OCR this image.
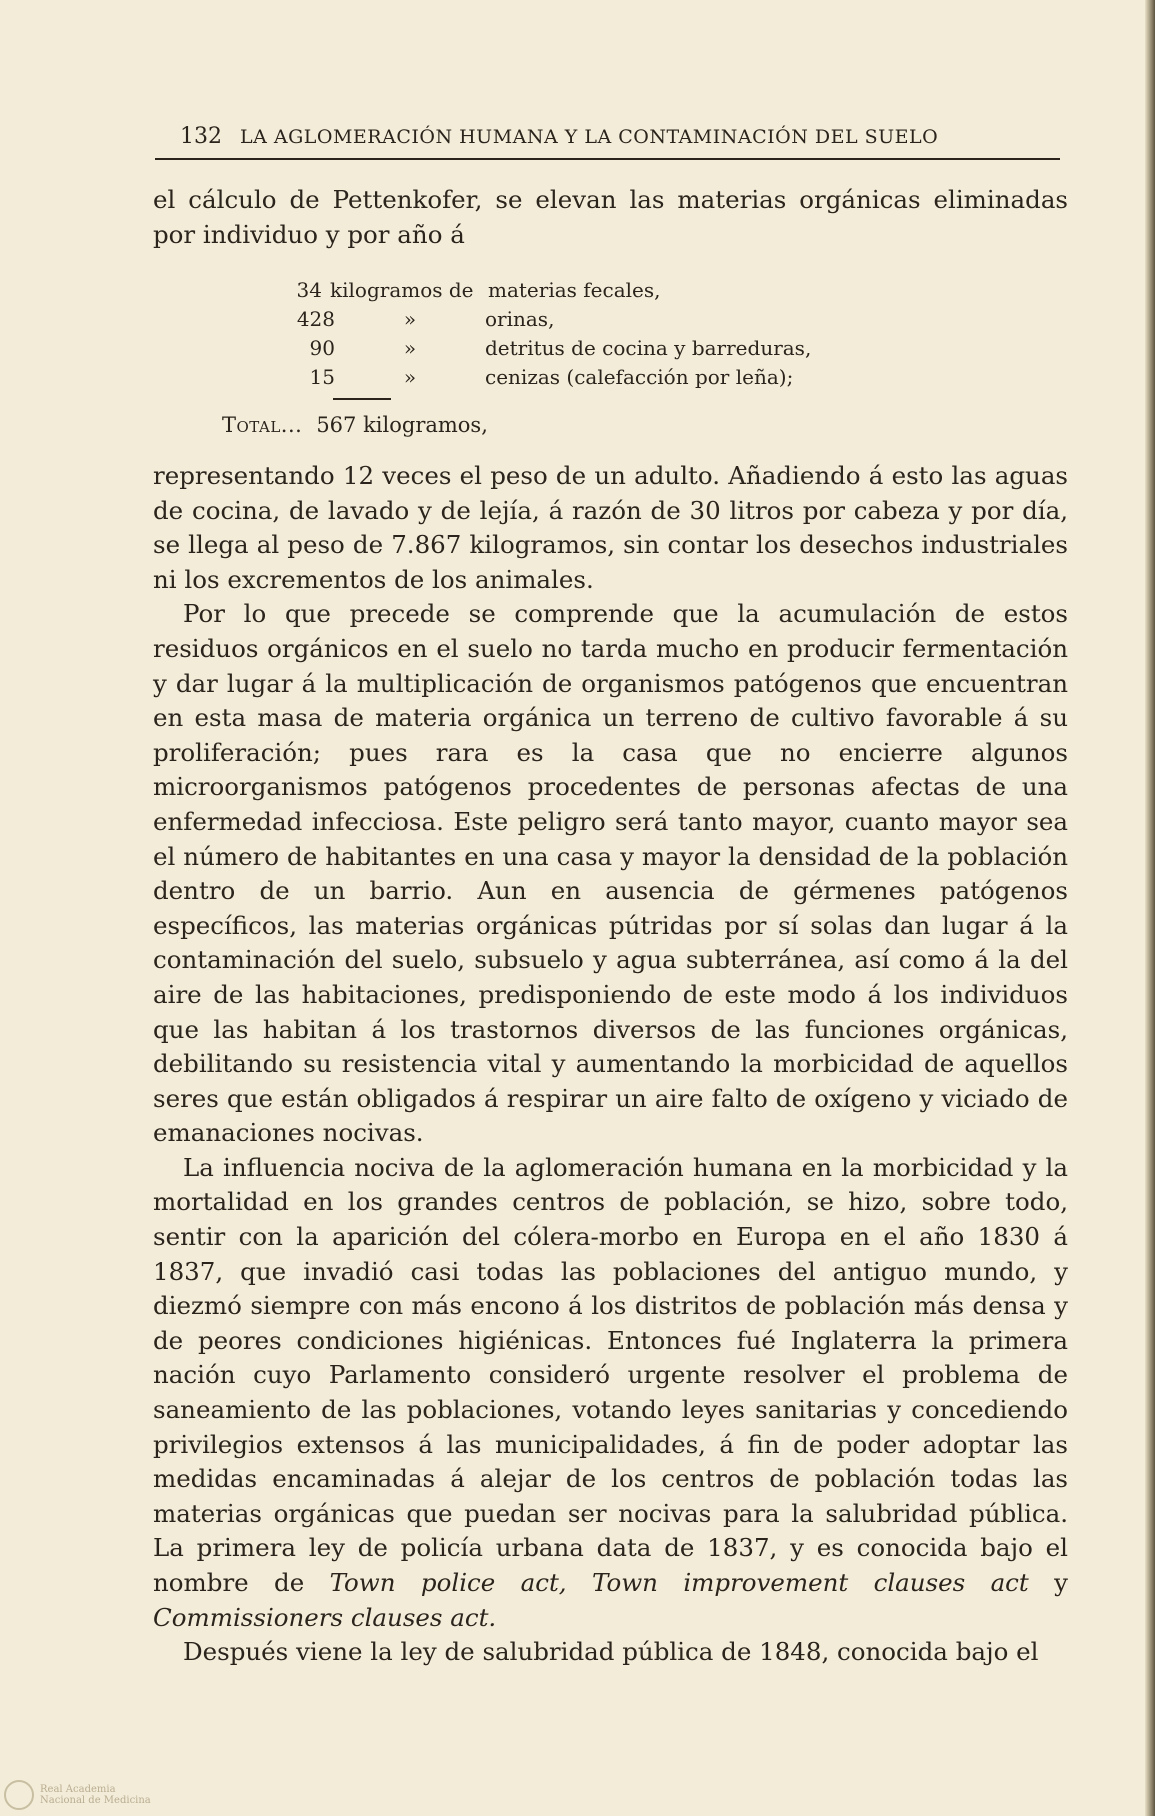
132 LA AGLOMERACIÓN HUMANA Y LA CONTAMINACIÓN DEL SUELO

el cálculo de Pettenkofer, se elevan las materias orgánicas eliminadas por individuo y por año á

34 kilogramos de materias fecales,
428	»	orinas,
90	»	detritus de cocina y barreduras,
15	»	cenizas (calefacción por leña);
Total... 567 kilogramos,

representando 12 veces el peso de un adulto. Añadiendo á esto las aguas de cocina, de lavado y de lejía, á razón de 30 litros por cabeza y por día, se llega al peso de 7.867 kilogramos, sin contar los desechos industriales ni los excrementos de los animales.

Por lo que precede se comprende que la acumulación de estos residuos orgánicos en el suelo no tarda mucho en producir fermentación y dar lugar á la multiplicación de organismos patógenos que encuentran en esta masa de materia orgánica un terreno de cultivo favorable á su proliferación; pues rara es la casa que no encierre algunos microorganismos patógenos procedentes de personas afectas de una enfermedad infecciosa. Este peligro será tanto mayor, cuanto mayor sea el número de habitantes en una casa y mayor la densidad de la población dentro de un barrio. Aun en ausencia de gérmenes patógenos específicos, las materias orgánicas pútridas por sí solas dan lugar á la contaminación del suelo, subsuelo y agua subterránea, así como á la del aire de las habitaciones, predisponiendo de este modo á los individuos que las habitan á los trastornos diversos de las funciones orgánicas, debilitando su resistencia vital y aumentando la morbicidad de aquellos seres que están obligados á respirar un aire falto de oxígeno y viciado de emanaciones nocivas.

La influencia nociva de la aglomeración humana en la morbicidad y la mortalidad en los grandes centros de población, se hizo, sobre todo, sentir con la aparición del cólera-morbo en Europa en el año 1830 á 1837, que invadió casi todas las poblaciones del antiguo mundo, y diezmó siempre con más encono á los distritos de población más densa y de peores condiciones higiénicas. Entonces fué Inglaterra la primera nación cuyo Parlamento consideró urgente resolver el problema de saneamiento de las poblaciones, votando leyes sanitarias y concediendo privilegios extensos á las municipalidades, á fin de poder adoptar las medidas encaminadas á alejar de los centros de población todas las materias orgánicas que puedan ser nocivas para la salubridad pública. La primera ley de policía urbana data de 1837, y es conocida bajo el nombre de Town police act, Town improvement clauses act y Commissioners clauses act.

Después viene la ley de salubridad pública de 1848, conocida bajo el

Real Academia
Nacional de Medicina
